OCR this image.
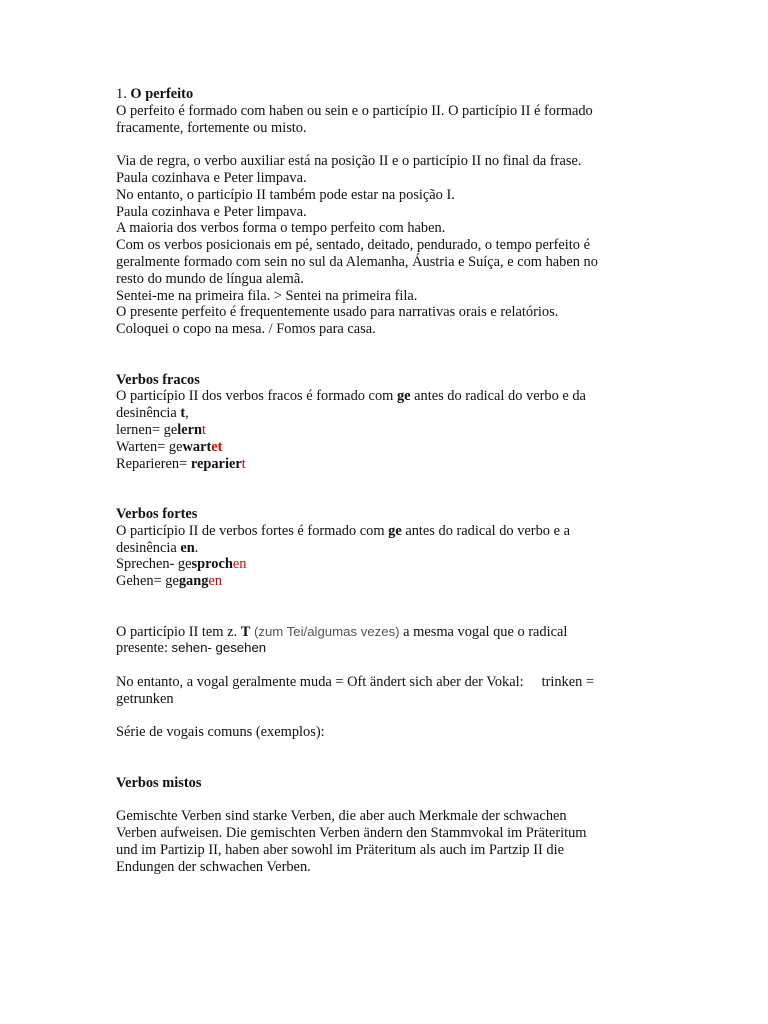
1. O perfeito
O perfeito é formado com haben ou sein e o particípio II. O particípio II é formado
fracamente, fortemente ou misto.
Via de regra, o verbo auxiliar está na posição II e o particípio II no final da frase.
Paula cozinhava e Peter limpava.
No entanto, o particípio II também pode estar na posição I.
Paula cozinhava e Peter limpava.
A maioria dos verbos forma o tempo perfeito com haben.
Com os verbos posicionais em pé, sentado, deitado, pendurado, o tempo perfeito é
geralmente formado com sein no sul da Alemanha, Áustria e Suíça, e com haben no
resto do mundo de língua alemã.
Sentei-me na primeira fila. > Sentei na primeira fila.
O presente perfeito é frequentemente usado para narrativas orais e relatórios.
Coloquei o copo na mesa. / Fomos para casa.
Verbos fracos
O particípio II dos verbos fracos é formado com ge antes do radical do verbo e da
desinência t,
lernen= gelernt
Warten= gewartet
Reparieren= repariert
Verbos fortes
O particípio II de verbos fortes é formado com ge antes do radical do verbo e a
desinência en.
Sprechen- gesprochen
Gehen= gegangen
O particípio II tem z. T (zum Tei/algumas vezes) a mesma vogal que o radical
presente: sehen- gesehen
No entanto, a vogal geralmente muda = Oft ändert sich aber der Vokal:     trinken =
getrunken
Série de vogais comuns (exemplos):
Verbos mistos
Gemischte Verben sind starke Verben, die aber auch Merkmale der schwachen
Verben aufweisen. Die gemischten Verben ändern den Stammvokal im Präteritum
und im Partizip II, haben aber sowohl im Präteritum als auch im Partzip II die
Endungen der schwachen Verben.
